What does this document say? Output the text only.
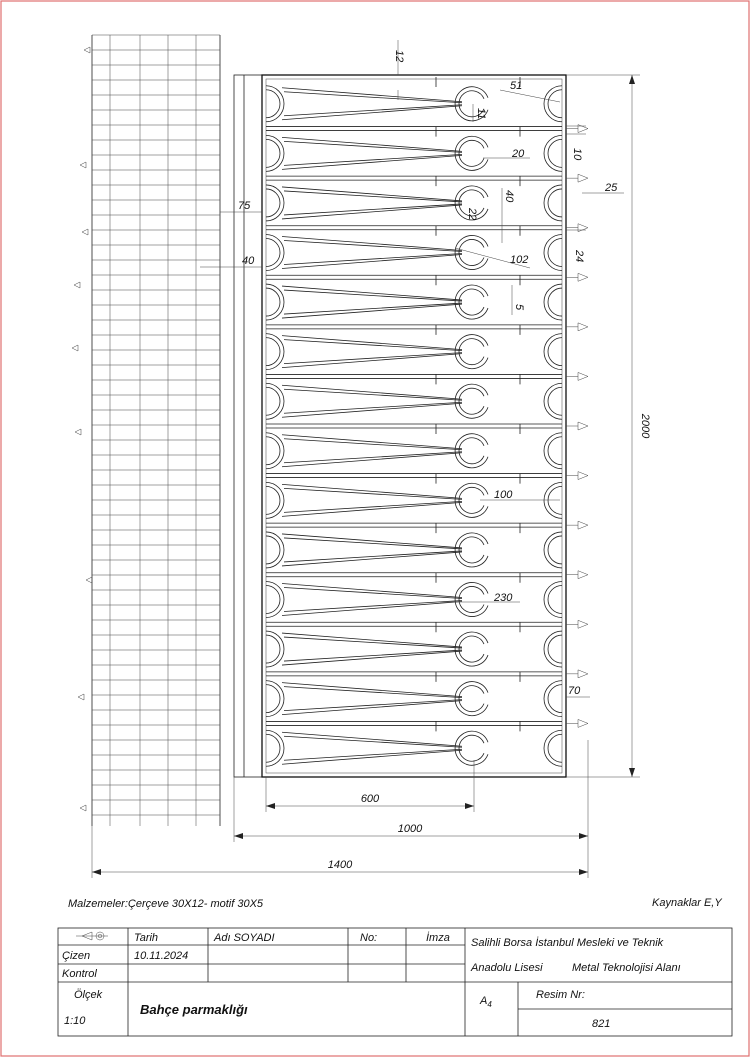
2000
600
1000
1400
12
51
11
10
20
25
40
22
75
24
40	102
5
100
230
70
Malzemeler:Çerçeve 30X12- motif 30X5	Kaynaklar E,Y
Tarih	Adı SOYADI	No:	İmza
Çizen	10.11.2024
Kontrol
Ölçek
1:10
Bahçe parmaklığı
Salihli Borsa İstanbul Mesleki ve Teknik
Anadolu Lisesi	Metal Teknolojisi Alanı
$A_4$
Resim Nr:
821
